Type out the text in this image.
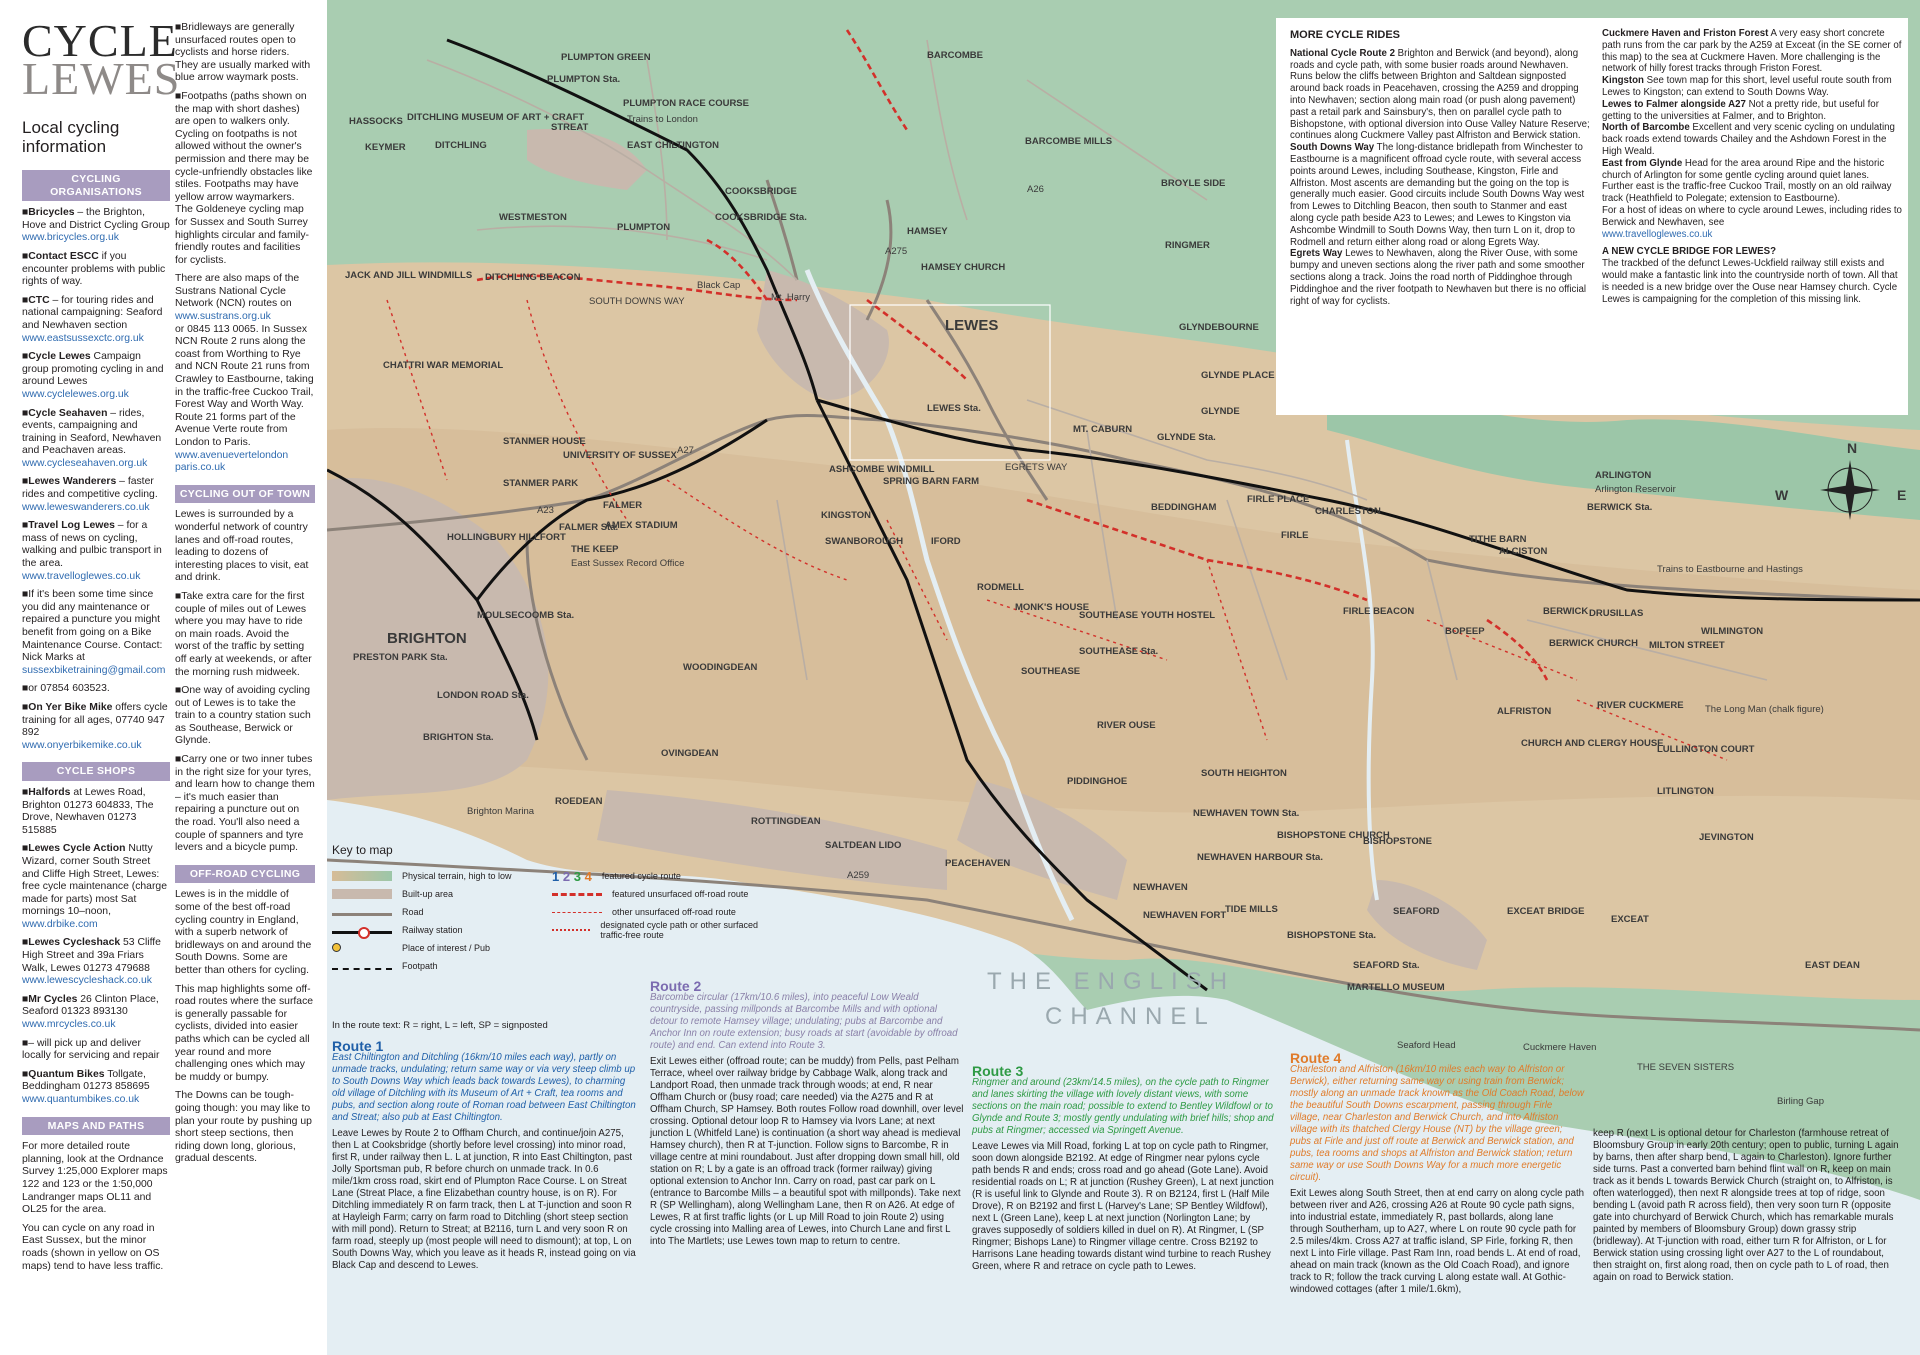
CYCLE
LEWES
Local cycling information
CYCLING ORGANISATIONS
■ Bricycles – the Brighton, Hove and District Cycling Group
www.bricycles.org.uk
■ Contact ESCC if you encounter problems with public rights of way.
■ CTC – for touring rides and national campaigning: Seaford and Newhaven section
www.eastsussexctc.org.uk
■ Cycle Lewes Campaign group promoting cycling in and around Lewes
www.cyclelewes.org.uk
■ Cycle Seahaven – rides, events, campaigning and training in Seaford, Newhaven and Peachaven areas.
www.cycleseahaven.org.uk
■ Lewes Wanderers – faster rides and competitive cycling.
www.leweswanderers.co.uk
■ Travel Log Lewes – for a mass of news on cycling, walking and pulbic transport in the area.
www.travelloglewes.co.uk
■ If it's been some time since you did any maintenance or repaired a puncture you might benefit from going on a Bike Maintenance Course. Contact: Nick Marks at
sussexbiketraining@gmail.com
■ or 07854 603523.
■ On Yer Bike Mike offers cycle training for all ages, 07740 947 892
www.onyerbikemike.co.uk
CYCLE SHOPS
■ Halfords at Lewes Road, Brighton 01273 604833, The Drove, Newhaven 01273 515885
■ Lewes Cycle Action Nutty Wizard, corner South Street and Cliffe High Street, Lewes: free cycle maintenance (charge made for parts) most Sat mornings 10–noon,
www.drbike.com
■ Lewes Cycleshack 53 Cliffe High Street and 39a Friars Walk, Lewes 01273 479688
www.lewescycleshack.co.uk
■ Mr Cycles 26 Clinton Place, Seaford 01323 893130
www.mrcycles.co.uk
■ – will pick up and deliver locally for servicing and repair
■ Quantum Bikes Tollgate, Beddingham 01273 858695
www.quantumbikes.co.uk
MAPS AND PATHS

For more detailed route planning, look at the Ordnance Survey 1:25,000 Explorer maps 122 and 123 or the 1:50,000 Landranger maps OL11 and OL25 for the area.

You can cycle on any road in East Sussex, but the minor roads (shown in yellow on OS maps) tend to have less traffic.

■ Bridleways are generally unsurfaced routes open to cyclists and horse riders. They are usually marked with blue arrow waymark posts.

■ Footpaths (paths shown on the map with short dashes) are open to walkers only. Cycling on footpaths is not allowed without the owner's permission and there may be cycle-unfriendly obstacles like stiles. Footpaths may have yellow arrow waymarkers. The Goldeneye cycling map for Sussex and South Surrey highlights circular and family-friendly routes and facilities for cyclists.

There are also maps of the Sustrans National Cycle Network (NCN) routes on
www.sustrans.org.uk
or 0845 113 0065. In Sussex NCN Route 2 runs along the coast from Worthing to Rye and NCN Route 21 runs from Crawley to Eastbourne, taking in the traffic-free Cuckoo Trail, Forest Way and Worth Way. Route 21 forms part of the Avenue Verte route from London to Paris.
www.avenuevertelondon paris.co.uk

CYCLING OUT OF TOWN

Lewes is surrounded by a wonderful network of country lanes and off-road routes, leading to dozens of interesting places to visit, eat and drink.

■ Take extra care for the first couple of miles out of Lewes where you may have to ride on main roads. Avoid the worst of the traffic by setting off early at weekends, or after the morning rush midweek.

■ One way of avoiding cycling out of Lewes is to take the train to a country station such as Southease, Berwick or Glynde.

■ Carry one or two inner tubes in the right size for your tyres, and learn how to change them – it's much easier than repairing a puncture out on the road. You'll also need a couple of spanners and tyre levers and a bicycle pump.

OFF-ROAD CYCLING

Lewes is in the middle of some of the best off-road cycling country in England, with a superb network of bridleways on and around the South Downs. Some are better than others for cycling.

This map highlights some off-road routes where the surface is generally passable for cyclists, divided into easier paths which can be cycled all year round and more challenging ones which may be muddy or bumpy.

The Downs can be tough-going though: you may like to plan your route by pushing up short steep sections, then riding down long, glorious, gradual descents.

PLUMPTON GREEN	BARCOMBE
PLUMPTON Sta.
PLUMPTON RACE COURSE
BARCOMBE MILLS
HASSOCKS
KEYMER	DITCHLING
DITCHLING MUSEUM OF ART + CRAFT
STREAT
EAST CHILTINGTON
COOKSBRIDGE
COOKSBRIDGE Sta.
WESTMESTON
PLUMPTON	HAMSEY
HAMSEY CHURCH
BROYLE SIDE
RINGMER
JACK AND JILL WINDMILLS DITCHLING BEACON
Black Cap
Mt. Harry
LEWES	GLYNDEBOURNE
CHATTRI WAR MEMORIAL
GLYNDE PLACE
GLYNDE
LEWES Sta.
MT. CABURN
GLYNDE Sta.
STANMER HOUSE
UNIVERSITY OF SUSSEX
STANMER PARK
ASHCOMBE WINDMILL
SPRING BARN FARM
FALMER
AMEX STADIUM
FALMER Sta.
KINGSTON
BEDDINGHAM
FIRLE PLACE
CHARLESTON
FIRLE
ARLINGTON
Arlington Reservoir
BERWICK Sta.
HOLLINGBURY HILLFORT
THE KEEP
East Sussex Record Office
SWANBOROUGH	IFORD	TITHE BARN
ALCISTON
RODMELL
MONK'S HOUSE	FIRLE BEACON
BOPEEP
BERWICK DRUSILLAS
WILMINGTON
MOULSECOOMB Sta.
BRIGHTON
SOUTHEASE YOUTH HOSTEL
SOUTHEASE Sta.
SOUTHEASE
BERWICK CHURCH MILTON STREET
PRESTON PARK Sta.
WOODINGDEAN
LONDON ROAD Sta.
ALFRISTON	The Long Man (chalk figure)
CHURCH AND CLERGY HOUSE
LULLINGTON COURT
BRIGHTON Sta.
OVINGDEAN
SOUTH HEIGHTON
LITLINGTON
PIDDINGHOE
ROEDEAN
Brighton Marina
ROTTINGDEAN
NEWHAVEN TOWN Sta.
BISHOPSTONE CHURCH
BISHOPSTONE	JEVINGTON
SALTDEAN LIDO
NEWHAVEN HARBOUR Sta.
PEACEHAVEN
NEWHAVEN
NEWHAVEN FORT
TIDE MILLS
BISHOPSTONE Sta.
SEAFORD	EXCEAT BRIDGE
EXCEAT
SEAFORD Sta.
MARTELLO MUSEUM
EAST DEAN
Seaford Head	Cuckmere Haven
Birling Gap
THE SEVEN SISTERS
RIVER OUSE
RIVER CUCKMERE
SOUTH DOWNS WAY
EGRETS WAY
Trains to London
Trains to Eastbourne and Hastings
A275
A26
A27
A259
A23
THE ENGLISH
CHANNEL
N
W	E
MORE CYCLE RIDES

National Cycle Route 2 Brighton and Berwick (and beyond), along roads and cycle path, with some busier roads around Newhaven. Runs below the cliffs between Brighton and Saltdean signposted around back roads in Peacehaven, crossing the A259 and dropping into Newhaven; section along main road (or push along pavement) past a retail park and Sainsbury's, then on parallel cycle path to Bishopstone, with optional diversion into Ouse Valley Nature Reserve; continues along Cuckmere Valley past Alfriston and Berwick station.

South Downs Way The long-distance bridlepath from Winchester to Eastbourne is a magnificent offroad cycle route, with several access points around Lewes, including Southease, Kingston, Firle and Alfriston. Most ascents are demanding but the going on the top is generally much easier. Good circuits include South Downs Way west from Lewes to Ditchling Beacon, then south to Stanmer and east along cycle path beside A23 to Lewes; and Lewes to Kingston via Ashcombe Windmill to South Downs Way, then turn L on it, drop to Rodmell and return either along road or along Egrets Way.

Egrets Way Lewes to Newhaven, along the River Ouse, with some bumpy and uneven sections along the river path and some smoother sections along a track. Joins the road north of Piddinghoe through Piddinghoe and the river footpath to Newhaven but there is no official right of way for cyclists.

Cuckmere Haven and Friston Forest A very easy short concrete path runs from the car park by the A259 at Exceat (in the SE corner of this map) to the sea at Cuckmere Haven. More challenging is the network of hilly forest tracks through Friston Forest.

Kingston See town map for this short, level useful route south from Lewes to Kingston; can extend to South Downs Way.

Lewes to Falmer alongside A27 Not a pretty ride, but useful for getting to the universities at Falmer, and to Brighton.

North of Barcombe Excellent and very scenic cycling on undulating back roads extend towards Chailey and the Ashdown Forest in the High Weald.

East from Glynde Head for the area around Ripe and the historic church of Arlington for some gentle cycling around quiet lanes. Further east is the traffic-free Cuckoo Trail, mostly on an old railway track (Heathfield to Polegate; extension to Eastbourne).

For a host of ideas on where to cycle around Lewes, including rides to Berwick and Newhaven, see

www.travelloglewes.co.uk

A NEW CYCLE BRIDGE FOR LEWES?

The trackbed of the defunct Lewes-Uckfield railway still exists and would make a fantastic link into the countryside north of town. All that is needed is a new bridge over the Ouse near Hamsey church. Cycle Lewes is campaigning for the completion of this missing link.

Key to map
Physical terrain, high to low
Built-up area
Road
Railway station
Place of interest / Pub
Footpath
1 2 3 4 featured cycle route
featured unsurfaced off-road route
other unsurfaced off-road route
designated cycle path or other surfaced traffic-free route
In the route text: R = right, L = left, SP = signposted
Route 1

East Chiltington and Ditchling (16km/10 miles each way), partly on unmade tracks, undulating; return same way or via very steep climb up to South Downs Way which leads back towards Lewes), to charming old village of Ditchling with its Museum of Art + Craft, tea rooms and pubs, and section along route of Roman road between East Chiltington and Streat; also pub at East Chiltington.

Leave Lewes by Route 2 to Offham Church, and continue/join A275, then L at Cooksbridge (shortly before level crossing) into minor road, first R, under railway then L. L at junction, R into East Chiltington, past Jolly Sportsman pub, R before church on unmade track. In 0.6 mile/1km cross road, skirt end of Plumpton Race Course. L on Streat Lane (Streat Place, a fine Elizabethan country house, is on R). For Ditchling immediately R on farm track, then L at T-junction and soon R at Hayleigh Farm; carry on farm road to Ditchling (short steep section with mill pond). Return to Streat; at B2116, turn L and very soon R on farm road, steeply up (most people will need to dismount); at top, L on South Downs Way, which you leave as it heads R, instead going on via Black Cap and descend to Lewes.

Route 2

Barcombe circular (17km/10.6 miles), into peaceful Low Weald countryside, passing millponds at Barcombe Mills and with optional detour to remote Hamsey village; undulating; pubs at Barcombe and Anchor Inn on route extension; busy roads at start (avoidable by offroad route) and end. Can extend into Route 3.

Exit Lewes either (offroad route; can be muddy) from Pells, past Pelham Terrace, wheel over railway bridge by Cabbage Walk, along track and Landport Road, then unmade track through woods; at end, R near Offham Church or (busy road; care needed) via the A275 and R at Offham Church, SP Hamsey. Both routes Follow road downhill, over level crossing. Optional detour loop R to Hamsey via Ivors Lane; at next junction L (Whitfeld Lane) is continuation (a short way ahead is medieval Hamsey church), then R at T-junction. Follow signs to Barcombe, R in village centre at mini roundabout. Just after dropping down small hill, old station on R; L by a gate is an offroad track (former railway) giving optional extension to Anchor Inn. Carry on road, past car park on L (entrance to Barcombe Mills – a beautiful spot with millponds). Take next R (SP Wellingham), along Wellingham Lane, then R on A26. At edge of Lewes, R at first traffic lights (or L up Mill Road to join Route 2) using cycle crossing into Malling area of Lewes, into Church Lane and first L into The Martlets; use Lewes town map to return to centre.

Route 3

Ringmer and around (23km/14.5 miles), on the cycle path to Ringmer and lanes skirting the village with lovely distant views, with some sections on the main road; possible to extend to Bentley Wildfowl or to Glynde and Route 3; mostly gently undulating with brief hills; shop and pubs at Ringmer; accessed via Springett Avenue.

Leave Lewes via Mill Road, forking L at top on cycle path to Ringmer, soon down alongside B2192. At edge of Ringmer near pylons cycle path bends R and ends; cross road and go ahead (Gote Lane). Avoid residential roads on L; R at junction (Rushey Green), L at next junction (R is useful link to Glynde and Route 3). R on B2124, first L (Half Mile Drove), R on B2192 and first L (Harvey's Lane; SP Bentley Wildfowl), next L (Green Lane), keep L at next junction (Norlington Lane; by graves supposedly of soldiers killed in duel on R). At Ringmer, L (SP Ringmer; Bishops Lane) to Ringmer village centre. Cross B2192 to Harrisons Lane heading towards distant wind turbine to reach Rushey Green, where R and retrace on cycle path to Lewes.

Route 4

Charleston and Alfriston (16km/10 miles each way to Alfriston or Berwick), either returning same way or using train from Berwick; mostly along an unmade track known as the Old Coach Road, below the beautiful South Downs escarpment, passing through Firle village, near Charleston and Berwick Church, and into Alfriston village with its thatched Clergy House (NT) by the village green; pubs at Firle and just off route at Berwick and Berwick station, and pubs, tea rooms and shops at Alfriston and Berwick station; return same way or use South Downs Way for a much more energetic circuit).

Exit Lewes along South Street, then at end carry on along cycle path between river and A26, crossing A26 at Route 90 cycle path signs, into industrial estate, immediately R, past bollards, along lane through Southerham, up to A27, where L on route 90 cycle path for 2.5 miles/4km. Cross A27 at traffic island, SP Firle, forking R, then next L into Firle village. Past Ram Inn, road bends L. At end of road, ahead on main track (known as the Old Coach Road), and ignore track to R; follow the track curving L along estate wall. At Gothic-windowed cottages (after 1 mile/1.6km),

keep R (next L is optional detour for Charleston (farmhouse retreat of Bloomsbury Group in early 20th century; open to public, turning L again by barns, then after sharp bend, L again to Charleston). Ignore further side turns. Past a converted barn behind flint wall on R, keep on main track as it bends L towards Berwick Church (straight on, to Alfriston, is often waterlogged), then next R alongside trees at top of ridge, soon bending L (avoid path R across field), then very soon turn R (opposite gate into churchyard of Berwick Church, which has remarkable murals painted by members of Bloomsbury Group) down grassy strip (bridleway). At T-junction with road, either turn R for Alfriston, or L for Berwick station using crossing light over A27 to the L of roundabout, then straight on, first along road, then on cycle path to L of road, then again on road to Berwick station.
